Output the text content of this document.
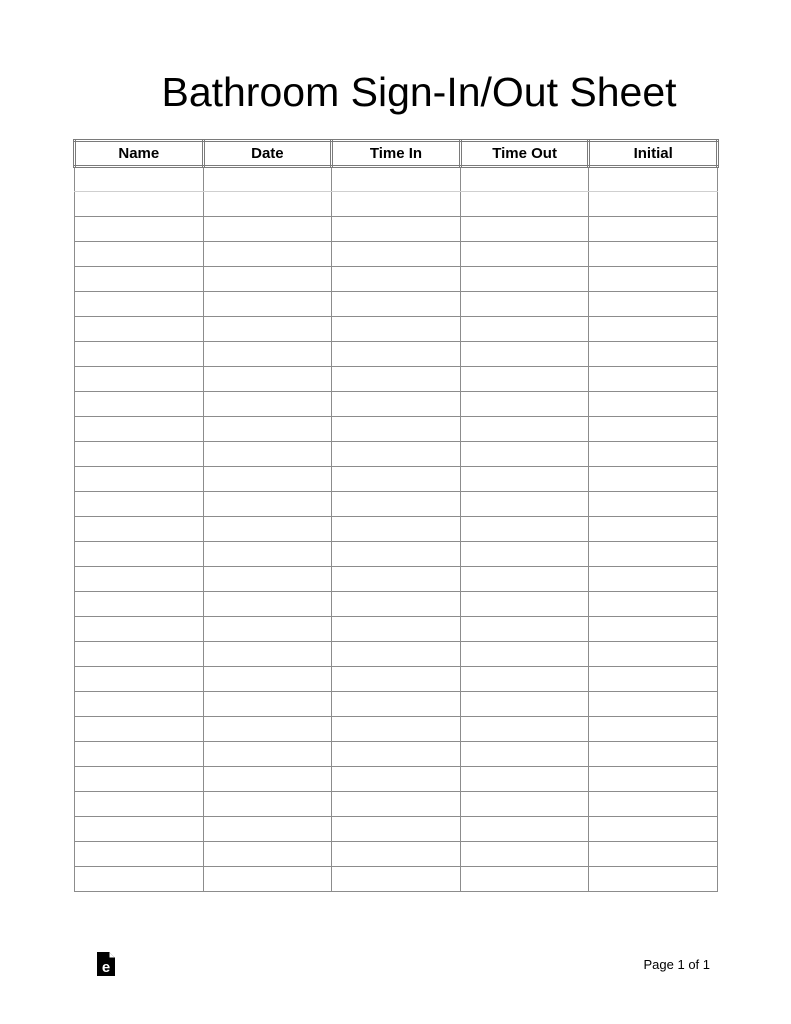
Bathroom Sign-In/Out Sheet
Name	Date	Time In	Time Out	Initial

e	Page 1 of 1
